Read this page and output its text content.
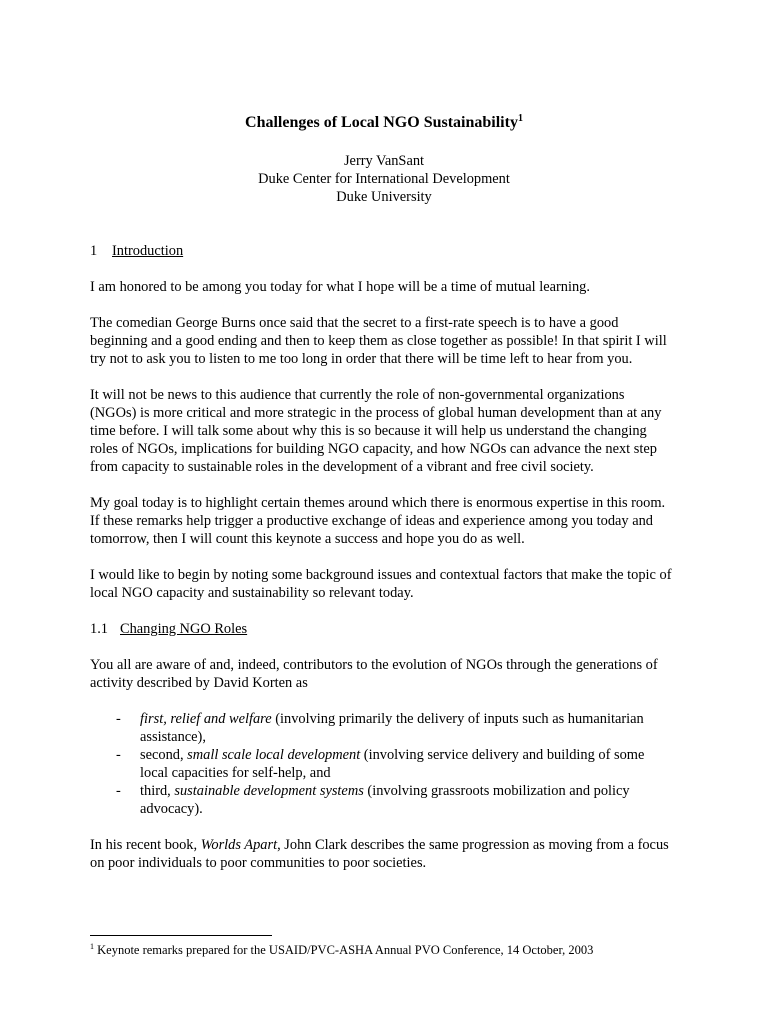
Challenges of Local NGO Sustainability$^1$
Jerry VanSant
Duke Center for International Development
Duke University
1 Introduction

I am honored to be among you today for what I hope will be a time of mutual learning.

The comedian George Burns once said that the secret to a first-rate speech is to have a good beginning and a good ending and then to keep them as close together as possible! In that spirit I will try not to ask you to listen to me too long in order that there will be time left to hear from you.

It will not be news to this audience that currently the role of non-governmental organizations (NGOs) is more critical and more strategic in the process of global human development than at any time before. I will talk some about why this is so because it will help us understand the changing roles of NGOs, implications for building NGO capacity, and how NGOs can advance the next step from capacity to sustainable roles in the development of a vibrant and free civil society.

My goal today is to highlight certain themes around which there is enormous expertise in this room. If these remarks help trigger a productive exchange of ideas and experience among you today and tomorrow, then I will count this keynote a success and hope you do as well.

I would like to begin by noting some background issues and contextual factors that make the topic of local NGO capacity and sustainability so relevant today.

1.1 Changing NGO Roles

You all are aware of and, indeed, contributors to the evolution of NGOs through the generations of activity described by David Korten as

- first, relief and welfare (involving primarily the delivery of inputs such as humanitarian assistance),
- second, small scale local development (involving service delivery and building of some local capacities for self-help, and
- third, sustainable development systems (involving grassroots mobilization and policy advocacy).

In his recent book, Worlds Apart, John Clark describes the same progression as moving from a focus on poor individuals to poor communities to poor societies.

$^1$ Keynote remarks prepared for the USAID/PVC-ASHA Annual PVO Conference, 14 October, 2003
